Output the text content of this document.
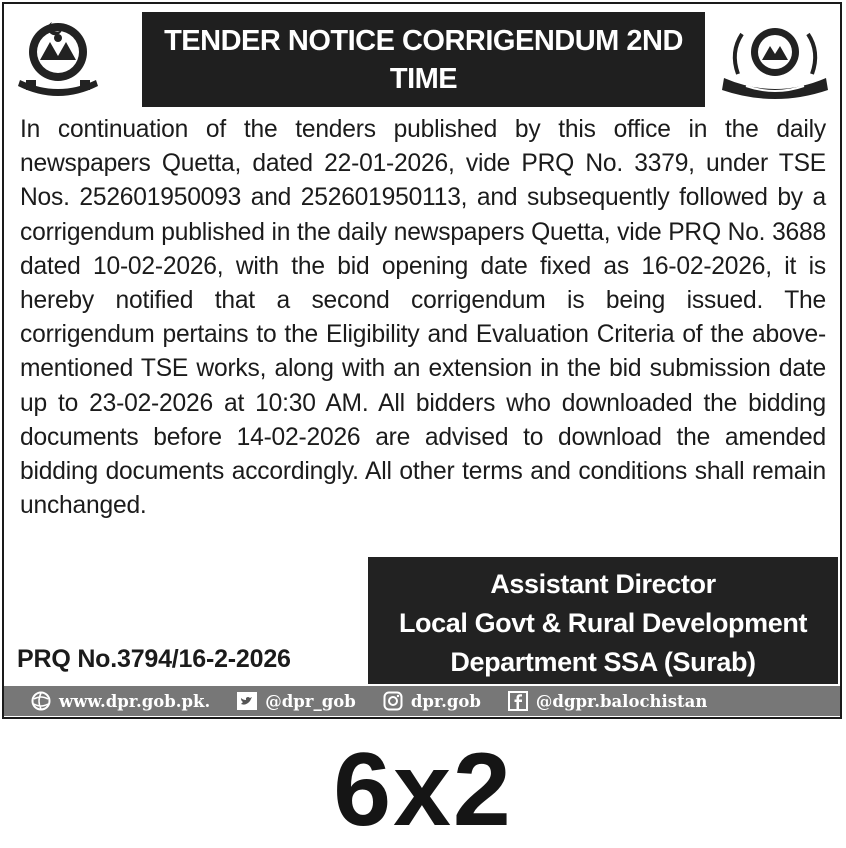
TENDER NOTICE CORRIGENDUM 2ND
TIME

In continuation of the tenders published by this office in the daily newspapers Quetta, dated 22-01-2026, vide PRQ No. 3379, under TSE Nos. 252601950093 and 252601950113, and subsequently followed by a corrigendum published in the daily newspapers Quetta, vide PRQ No. 3688 dated 10-02-2026, with the bid opening date fixed as 16-02-2026, it is hereby notified that a second corrigendum is being issued. The corrigendum pertains to the Eligibility and Evaluation Criteria of the above-mentioned TSE works, along with an extension in the bid submission date up to 23-02-2026 at 10:30 AM. All bidders who downloaded the bidding documents before 14-02-2026 are advised to download the amended bidding documents accordingly. All other terms and conditions shall remain unchanged.

PRQ No.3794/16-2-2026
Assistant Director
Local Govt & Rural Development
Department SSA (Surab)
www.dpr.gob.pk.	@dpr_gob	dpr.gob	@dgpr.balochistan
6x2
